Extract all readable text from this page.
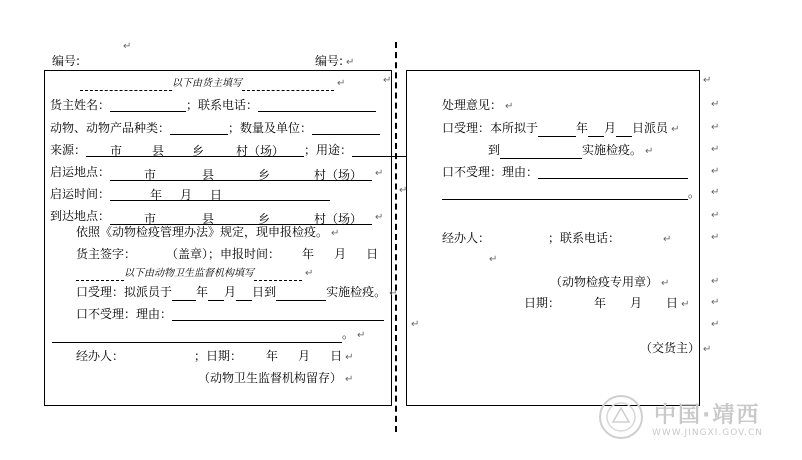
编号:
↵
编号: ↵
以下由货主填写	↵
货主姓名：	；联系电话：
动物、动物产品种类：	；数量及单位：
来源： 市 县 乡	村（场） ；用途：
启运地点：	市	县	乡	村（场） ↵
启运时间：	年 月 日
到达地点：	市	县	乡	村（场） ↵
依照《动物检疫管理办法》规定，现申报检疫。 ↵
货主签字：	（盖章）；申报时间： 年 月 日
以下由动物卫生监督机构填写	↵
口受理：拟派员于 年 月 日到	实施检疫。 ↵
口不受理：理由：
。 ↵
经办人：	；日期： 年 月 日 ↵
（动物卫生监督机构留存） ↵
↵
↵
↵
处理意见： ↵
口受理：本所拟于	年 月 日派员 ↵
到	实施检疫。 ↵
口不受理：理由：
。
经办人：	；联系电话：	↵
（动物检疫专用章） ↵
日期：	年 月 日 ↵
（交货主） ↵
↵
↵
↵
↵
↵
↵
↵
↵
↵
↵
↵
↵
中国·靖西
WWW.JINGXI.GOV.CN
